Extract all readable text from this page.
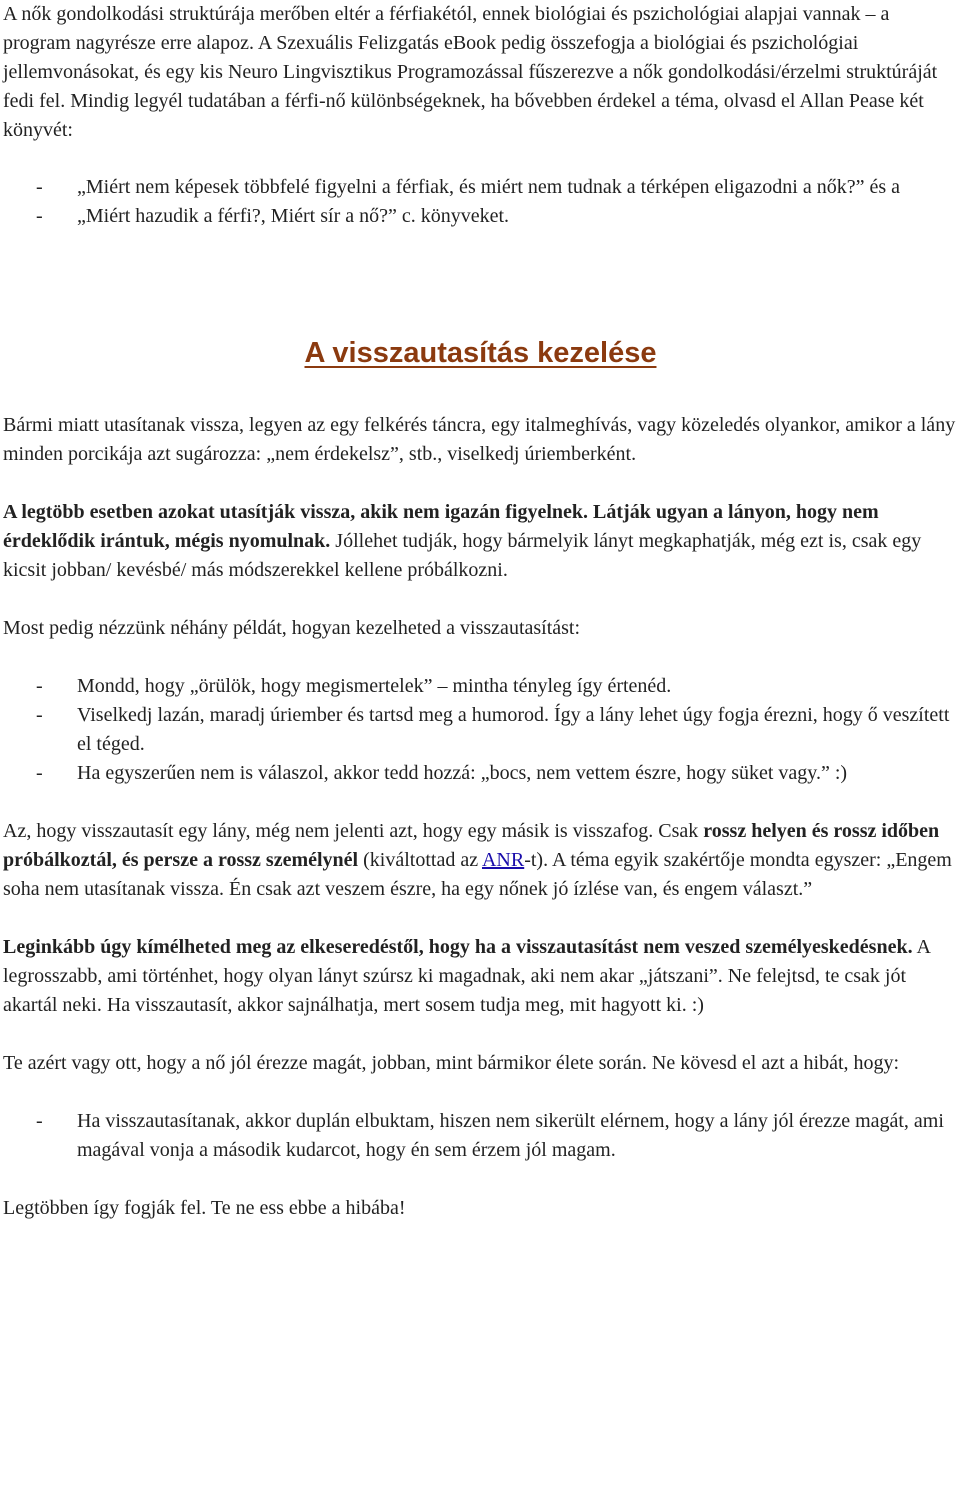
A nők gondolkodási struktúrája merőben eltér a férfiakétól, ennek biológiai és pszichológiai alapjai vannak – a program nagyrésze erre alapoz. A Szexuális Felizgatás eBook pedig összefogja a biológiai és pszichológiai jellemvonásokat, és egy kis Neuro Lingvisztikus Programozással fűszerezve a nők gondolkodási/érzelmi struktúráját fedi fel. Mindig legyél tudatában a férfi-nő különbségeknek, ha bővebben érdekel a téma, olvasd el Allan Pease két könyvét:

- „Miért nem képesek többfelé figyelni a férfiak, és miért nem tudnak a térképen eligazodni a nők?” és a
- „Miért hazudik a férfi?, Miért sír a nő?” c. könyveket.
A visszautasítás kezelése

Bármi miatt utasítanak vissza, legyen az egy felkérés táncra, egy italmeghívás, vagy közeledés olyankor, amikor a lány minden porcikája azt sugározza: „nem érdekelsz”, stb., viselkedj úriemberként.

A legtöbb esetben azokat utasítják vissza, akik nem igazán figyelnek. Látják ugyan a lányon, hogy nem érdeklődik irántuk, mégis nyomulnak. Jóllehet tudják, hogy bármelyik lányt megkaphatják, még ezt is, csak egy kicsit jobban/ kevésbé/ más módszerekkel kellene próbálkozni.

Most pedig nézzünk néhány példát, hogyan kezelheted a visszautasítást:

- Mondd, hogy „örülök, hogy megismertelek” – mintha tényleg így értenéd.
- Viselkedj lazán, maradj úriember és tartsd meg a humorod. Így a lány lehet úgy fogja érezni, hogy ő veszített el téged.
- Ha egyszerűen nem is válaszol, akkor tedd hozzá: „bocs, nem vettem észre, hogy süket vagy.” :)

Az, hogy visszautasít egy lány, még nem jelenti azt, hogy egy másik is visszafog. Csak rossz helyen és rossz időben próbálkoztál, és persze a rossz személynél (kiváltottad az ANR-t). A téma egyik szakértője mondta egyszer: „Engem soha nem utasítanak vissza. Én csak azt veszem észre, ha egy nőnek jó ízlése van, és engem választ.”

Leginkább úgy kímélheted meg az elkeseredéstől, hogy ha a visszautasítást nem veszed személyeskedésnek. A legrosszabb, ami történhet, hogy olyan lányt szúrsz ki magadnak, aki nem akar „játszani”. Ne felejtsd, te csak jót akartál neki. Ha visszautasít, akkor sajnálhatja, mert sosem tudja meg, mit hagyott ki. :)

Te azért vagy ott, hogy a nő jól érezze magát, jobban, mint bármikor élete során. Ne kövesd el azt a hibát, hogy:

- Ha visszautasítanak, akkor duplán elbuktam, hiszen nem sikerült elérnem, hogy a lány jól érezze magát, ami magával vonja a második kudarcot, hogy én sem érzem jól magam.

Legtöbben így fogják fel. Te ne ess ebbe a hibába!
